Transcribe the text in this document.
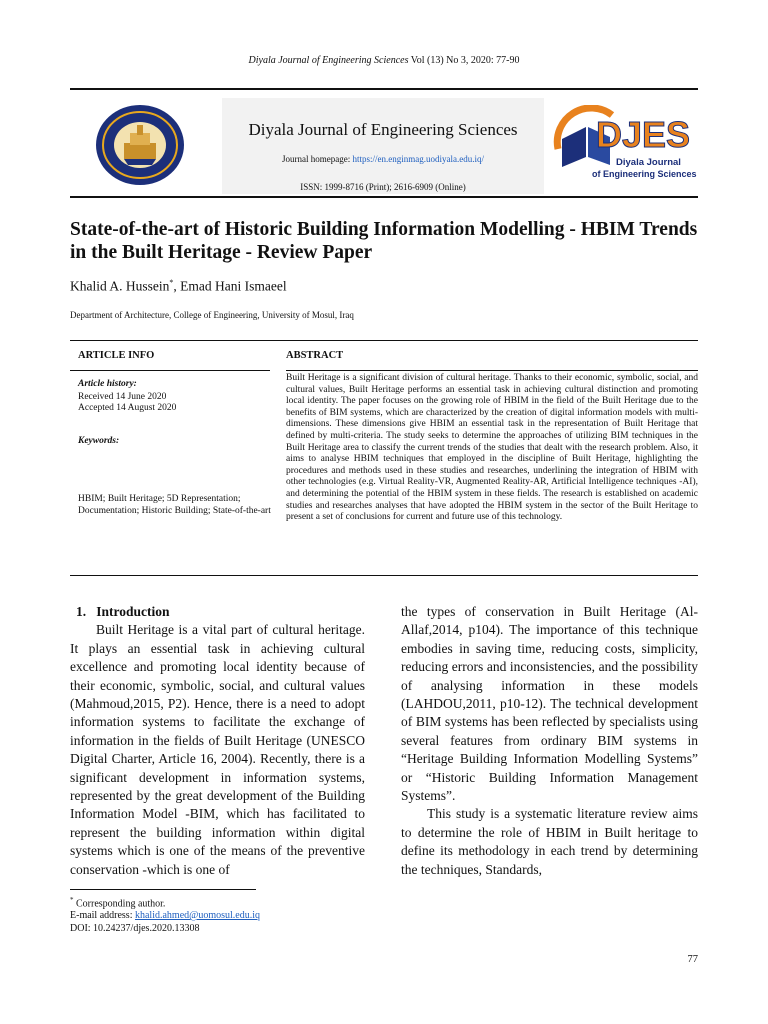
Diyala Journal of Engineering Sciences Vol (13) No 3, 2020: 77-90
Diyala Journal of Engineering Sciences
Journal homepage: https://en.enginmag.uodiyala.edu.iq/
ISSN: 1999-8716 (Print); 2616-6909 (Online)
DJES
Diyala Journal
of Engineering Sciences
State-of-the-art of Historic Building Information Modelling - HBIM Trends in the Built Heritage - Review Paper
Khalid A. Hussein*, Emad Hani Ismaeel
Department of Architecture, College of Engineering, University of Mosul, Iraq
ARTICLE INFO	ABSTRACT
Article history:
Received 14 June 2020
Accepted 14 August 2020
Keywords:
HBIM; Built Heritage; 5D Representation; Documentation; Historic Building; State-of-the-art
Built Heritage is a significant division of cultural heritage. Thanks to their economic, symbolic, social, and cultural values, Built Heritage performs an essential task in achieving cultural distinction and promoting local identity. The paper focuses on the growing role of HBIM in the field of the Built Heritage due to the benefits of BIM systems, which are characterized by the creation of digital information models with multi-dimensions. These dimensions give HBIM an essential task in the representation of Built Heritage that defined by multi-criteria. The study seeks to determine the approaches of utilizing BIM techniques in the Built Heritage area to classify the current trends of the studies that dealt with the research problem. Also, it aims to analyse HBIM techniques that employed in the discipline of Built Heritage, highlighting the procedures and methods used in these studies and researches, underlining the integration of HBIM with other technologies (e.g. Virtual Reality-VR, Augmented Reality-AR, Artificial Intelligence techniques -AI), and determining the potential of the HBIM system in these fields. The research is established on academic studies and researches analyses that have adopted the HBIM system in the sector of the Built Heritage to present a set of conclusions for current and future use of this technology.
1.   Introduction

Built Heritage is a vital part of cultural heritage. It plays an essential task in achieving cultural excellence and promoting local identity because of their economic, symbolic, social, and cultural values (Mahmoud,2015, P2). Hence, there is a need to adopt information systems to facilitate the exchange of information in the fields of Built Heritage (UNESCO Digital Charter, Article 16, 2004). Recently, there is a significant development in information systems, represented by the great development of the Building Information Model -BIM, which has facilitated to represent the building information within digital systems which is one of the means of the preventive conservation -which is one of

the types of conservation in Built Heritage (Al-Allaf,2014, p104). The importance of this technique embodies in saving time, reducing costs, simplicity, reducing errors and inconsistencies, and the possibility of analysing information in these models (LAHDOU,2011, p10-12). The technical development of BIM systems has been reflected by specialists using several features from ordinary BIM systems in “Heritage Building Information Modelling Systems” or “Historic Building Information Management Systems”.

This study is a systematic literature review aims to determine the role of HBIM in Built heritage to define its methodology in each trend by determining the techniques, Standards,

* Corresponding author.
E-mail address: khalid.ahmed@uomosul.edu.iq
DOI: 10.24237/djes.2020.13308
77
